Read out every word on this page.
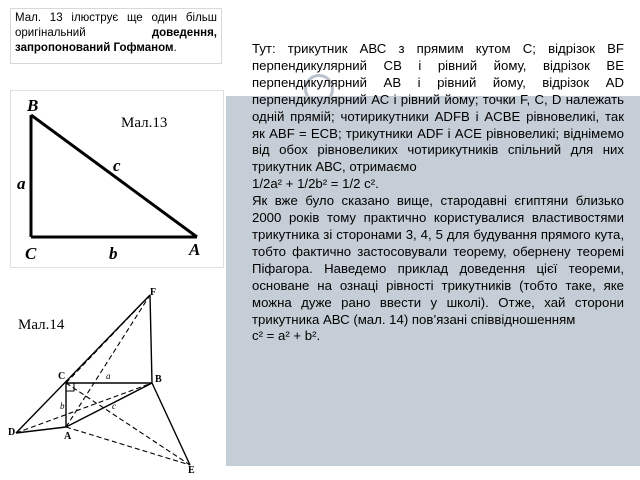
Мал. 13 ілюструє ще один більш оригінальний доведення, запропонований Гофманом.
B
C	A
a
b
c
Мал.13
Мал.14
F
C	B
D	A
E
a
b	c

Тут: трикутник АВС з прямим кутом С; відрізок BF перпендикулярний СВ і рівний йому, відрізок BE перпендикулярний АВ і рівний йому, відрізок AD перпендикулярний АС і рівний йому; точки F, C, D належать одній прямій; чотирикутники ADFB і ACBE рівновеликі, так як ABF = ECB; трикутники ADF і ACE рівновеликі; віднімемо від обох рівновеликих чотирикутників спільний для них трикутник АВС, отримаємо

1/2a² + 1/2b² = 1/2 c².

Як вже було сказано вище, стародавні єгиптяни близько 2000 років тому практично користувалися властивостями трикутника зі сторонами 3, 4, 5 для будування прямого кута, тобто фактично застосовували теорему, обернену теоремі Піфагора. Наведемо приклад доведення цієї теореми, основане на ознаці рівності трикутників (тобто таке, яке можна дуже рано ввести у школі). Отже, хай сторони трикутника АВС (мал. 14) пов’язані співвідношенням

c² = a² + b².
